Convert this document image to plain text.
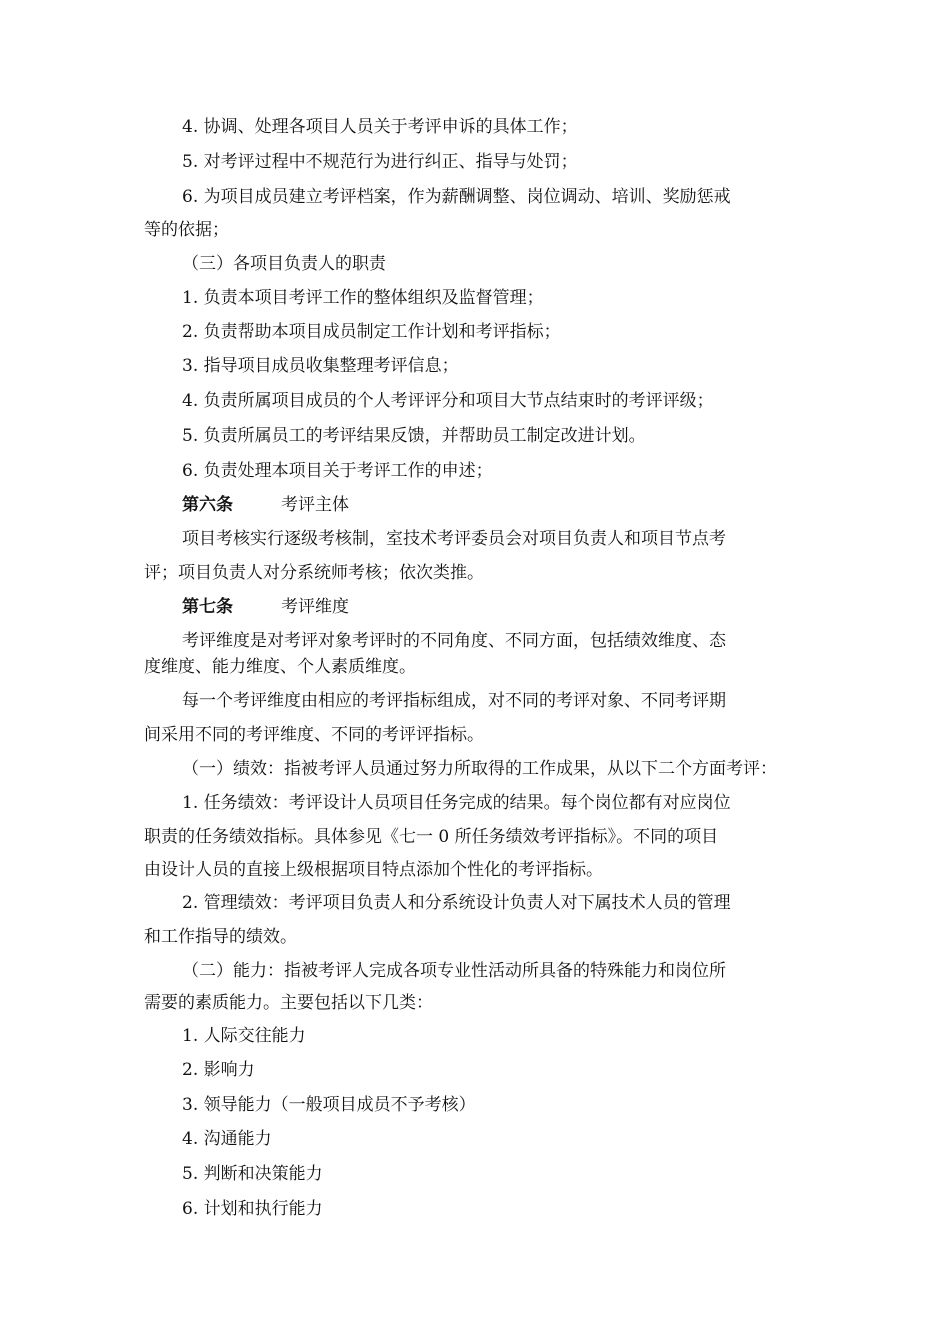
4. 协调、处理各项目人员关于考评申诉的具体工作；
5. 对考评过程中不规范行为进行纠正、指导与处罚；
6. 为项目成员建立考评档案，作为薪酬调整、岗位调动、培训、奖励惩戒
等的依据；
（三）各项目负责人的职责
1. 负责本项目考评工作的整体组织及监督管理；
2. 负责帮助本项目成员制定工作计划和考评指标；
3. 指导项目成员收集整理考评信息；
4. 负责所属项目成员的个人考评评分和项目大节点结束时的考评评级；
5. 负责所属员工的考评结果反馈，并帮助员工制定改进计划。
6. 负责处理本项目关于考评工作的申述；
第六条	考评主体
项目考核实行逐级考核制，室技术考评委员会对项目负责人和项目节点考
评；项目负责人对分系统师考核；依次类推。
第七条	考评维度
考评维度是对考评对象考评时的不同角度、不同方面，包括绩效维度、态
度维度、能力维度、个人素质维度。
每一个考评维度由相应的考评指标组成，对不同的考评对象、不同考评期
间采用不同的考评维度、不同的考评评指标。
（一）绩效：指被考评人员通过努力所取得的工作成果，从以下二个方面考评：
1. 任务绩效：考评设计人员项目任务完成的结果。每个岗位都有对应岗位
职责的任务绩效指标。具体参见《七一 0 所任务绩效考评指标》。不同的项目
由设计人员的直接上级根据项目特点添加个性化的考评指标。
2. 管理绩效：考评项目负责人和分系统设计负责人对下属技术人员的管理
和工作指导的绩效。
（二）能力：指被考评人完成各项专业性活动所具备的特殊能力和岗位所
需要的素质能力。主要包括以下几类：
1. 人际交往能力
2. 影响力
3. 领导能力（一般项目成员不予考核）
4. 沟通能力
5. 判断和决策能力
6. 计划和执行能力
